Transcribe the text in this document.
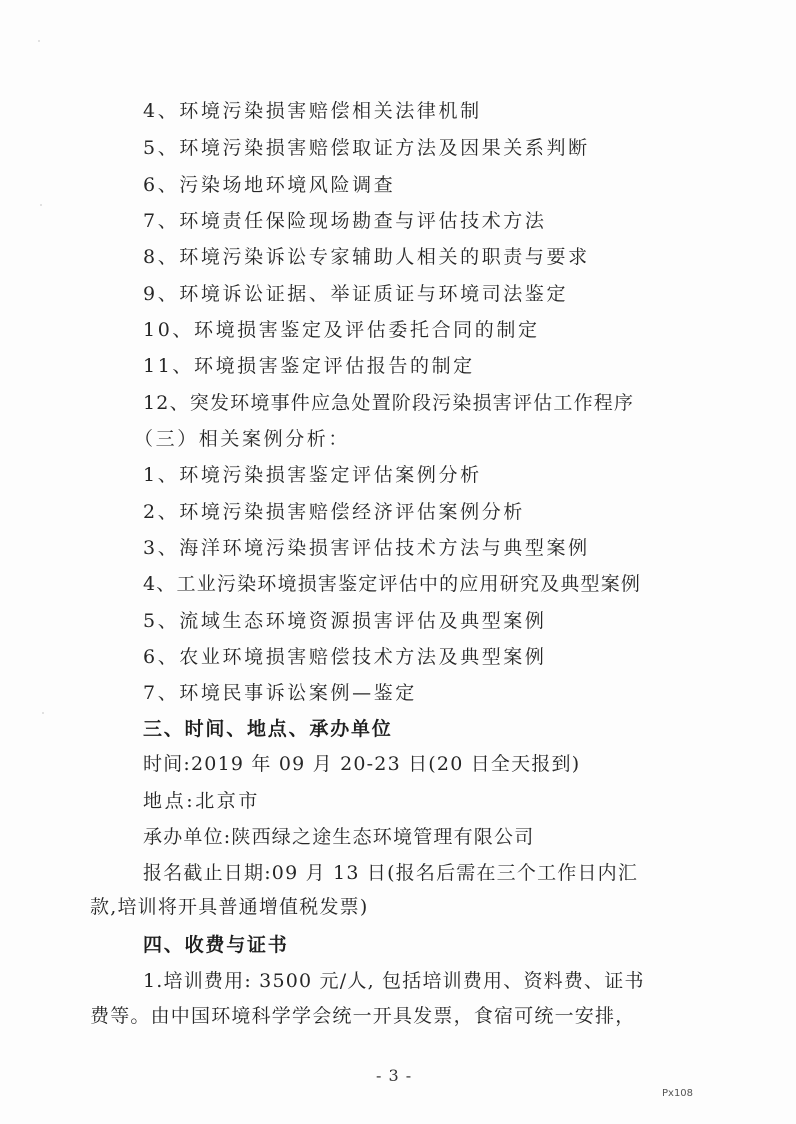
4、环境污染损害赔偿相关法律机制
5、环境污染损害赔偿取证方法及因果关系判断
6、污染场地环境风险调查
7、环境责任保险现场勘查与评估技术方法
8、环境污染诉讼专家辅助人相关的职责与要求
9、环境诉讼证据、举证质证与环境司法鉴定
10、环境损害鉴定及评估委托合同的制定
11、环境损害鉴定评估报告的制定
12、突发环境事件应急处置阶段污染损害评估工作程序
（三）相关案例分析：
1、环境污染损害鉴定评估案例分析
2、环境污染损害赔偿经济评估案例分析
3、海洋环境污染损害评估技术方法与典型案例
4、工业污染环境损害鉴定评估中的应用研究及典型案例
5、流域生态环境资源损害评估及典型案例
6、农业环境损害赔偿技术方法及典型案例
7、环境民事诉讼案例—鉴定
三、时间、地点、承办单位
时间:2019 年 09 月 20-23 日(20 日全天报到)
地点:北京市
承办单位:陕西绿之途生态环境管理有限公司
报名截止日期:09 月 13 日(报名后需在三个工作日内汇
款,培训将开具普通增值税发票)
四、收费与证书
1.培训费用: 3500 元/人, 包括培训费用、资料费、证书
费等。由中国环境科学学会统一开具发票，食宿可统一安排，
- 3 -
Px108
